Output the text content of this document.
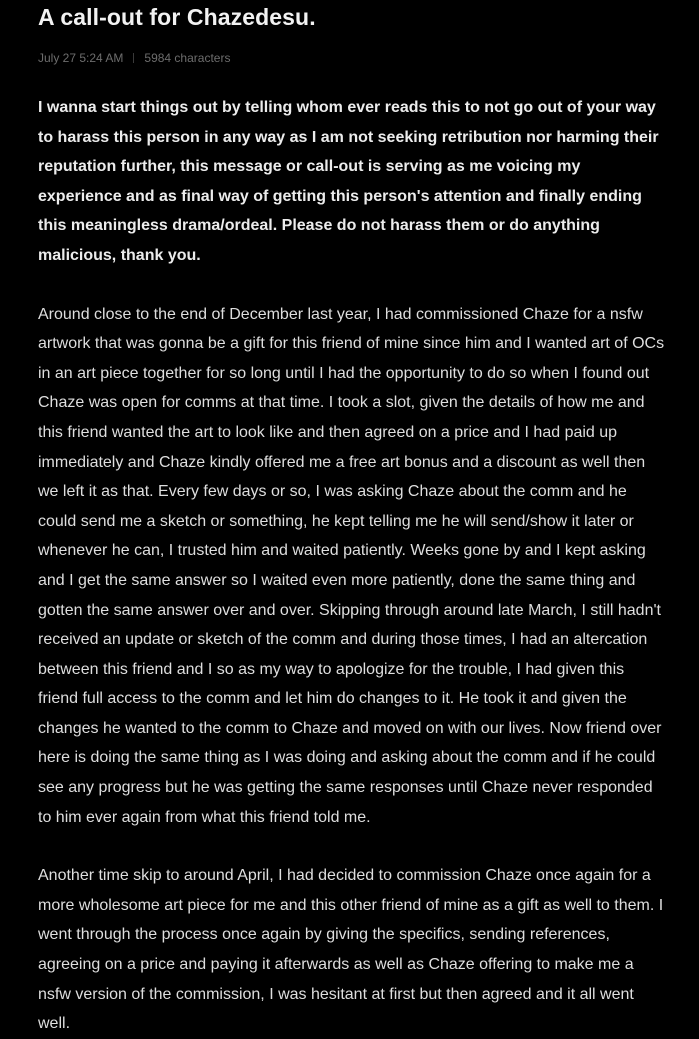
A call-out for Chazedesu.
July 27 5:24 AM 5984 characters

I wanna start things out by telling whom ever reads this to not go out of your way to harass this person in any way as I am not seeking retribution nor harming their reputation further, this message or call-out is serving as me voicing my experience and as final way of getting this person's attention and finally ending this meaningless drama/ordeal. Please do not harass them or do anything malicious, thank you.

Around close to the end of December last year, I had commissioned Chaze for a nsfw artwork that was gonna be a gift for this friend of mine since him and I wanted art of OCs in an art piece together for so long until I had the opportunity to do so when I found out Chaze was open for comms at that time. I took a slot, given the details of how me and this friend wanted the art to look like and then agreed on a price and I had paid up immediately and Chaze kindly offered me a free art bonus and a discount as well then we left it as that. Every few days or so, I was asking Chaze about the comm and he could send me a sketch or something, he kept telling me he will send/show it later or whenever he can, I trusted him and waited patiently. Weeks gone by and I kept asking and I get the same answer so I waited even more patiently, done the same thing and gotten the same answer over and over. Skipping through around late March, I still hadn't received an update or sketch of the comm and during those times, I had an altercation between this friend and I so as my way to apologize for the trouble, I had given this friend full access to the comm and let him do changes to it. He took it and given the changes he wanted to the comm to Chaze and moved on with our lives. Now friend over here is doing the same thing as I was doing and asking about the comm and if he could see any progress but he was getting the same responses until Chaze never responded to him ever again from what this friend told me.

Another time skip to around April, I had decided to commission Chaze once again for a more wholesome art piece for me and this other friend of mine as a gift as well to them. I went through the process once again by giving the specifics, sending references, agreeing on a price and paying it afterwards as well as Chaze offering to make me a nsfw version of the commission, I was hesitant at first but then agreed and it all went well.
